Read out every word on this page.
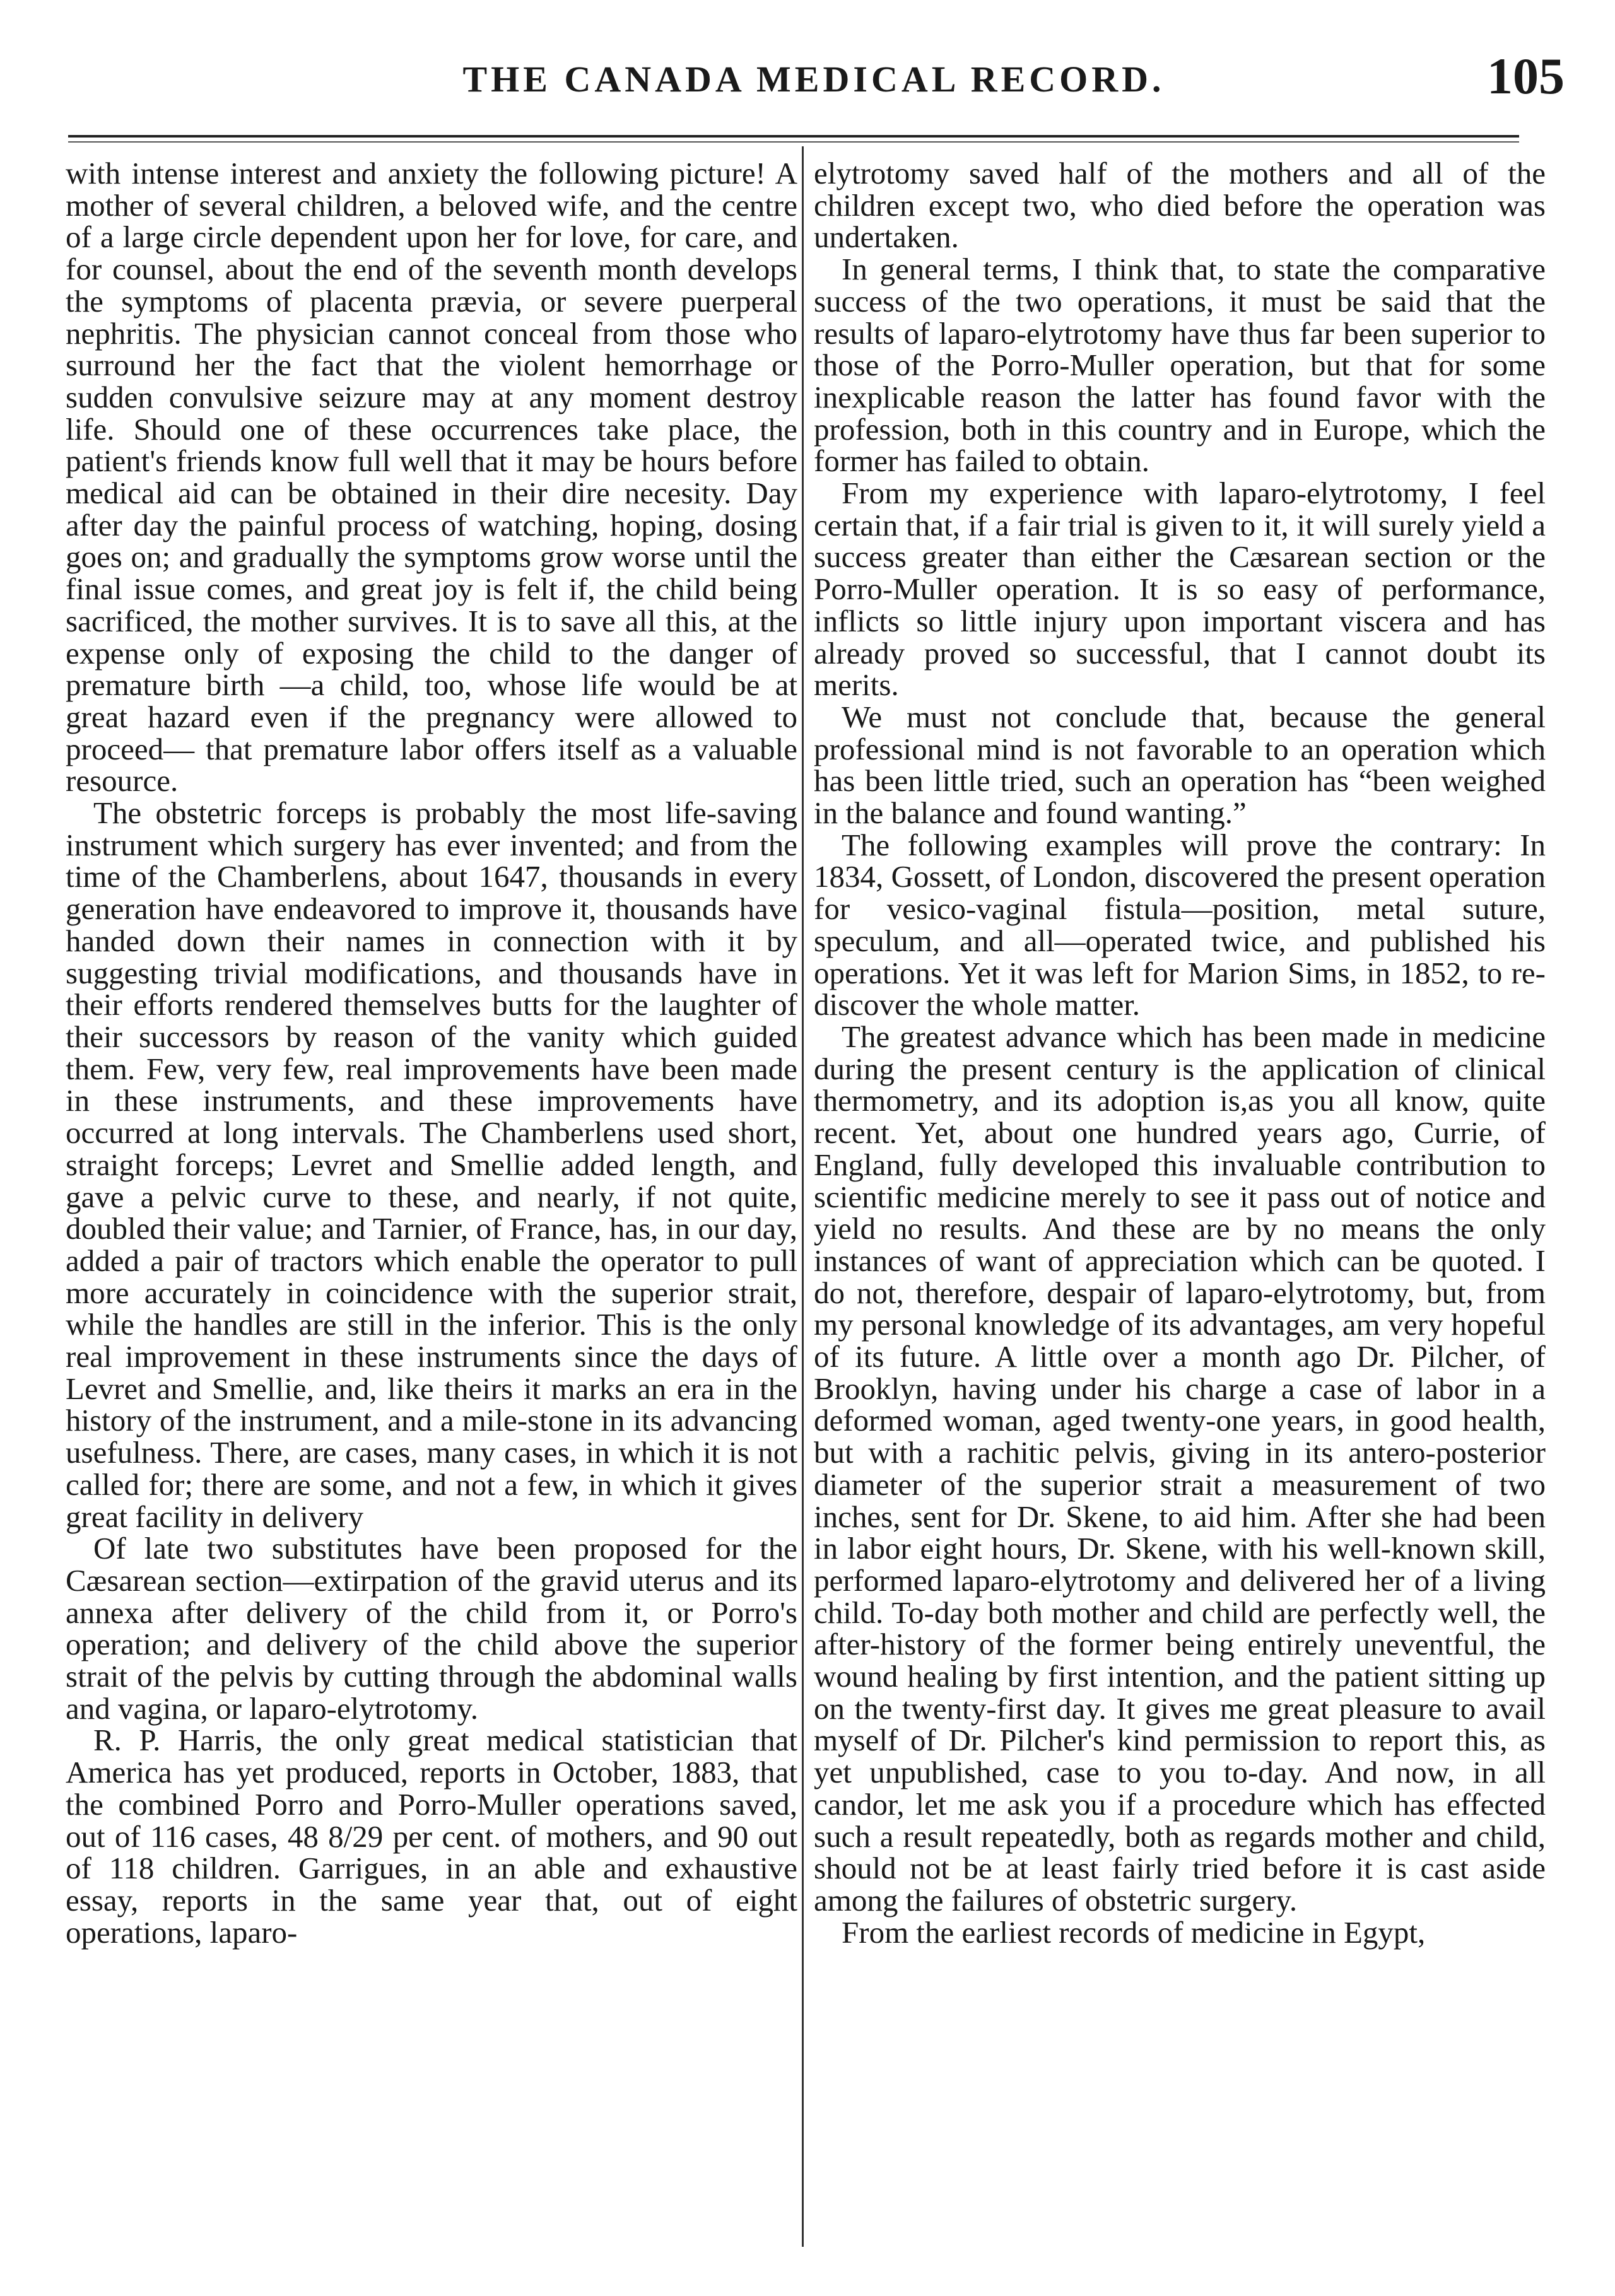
THE CANADA MEDICAL RECORD.	105

with intense interest and anxiety the following picture! A mother of several children, a beloved wife, and the centre of a large circle dependent upon her for love, for care, and for counsel, about the end of the seventh month develops the symptoms of placenta prævia, or severe puerperal nephritis. The physician cannot conceal from those who surround her the fact that the violent hemorrhage or sudden convulsive seizure may at any moment destroy life. Should one of these occurrences take place, the patient's friends know full well that it may be hours before medical aid can be obtained in their dire necesity. Day after day the painful process of watching, hoping, dosing goes on; and gradually the symptoms grow worse until the final issue comes, and great joy is felt if, the child being sacrificed, the mother survives. It is to save all this, at the expense only of exposing the child to the danger of premature birth —a child, too, whose life would be at great hazard even if the pregnancy were allowed to proceed— that premature labor offers itself as a valuable resource.

The obstetric forceps is probably the most life-saving instrument which surgery has ever invented; and from the time of the Chamberlens, about 1647, thousands in every generation have endeavored to improve it, thousands have handed down their names in connection with it by suggesting trivial modifications, and thousands have in their efforts rendered themselves butts for the laughter of their successors by reason of the vanity which guided them. Few, very few, real improvements have been made in these instruments, and these improvements have occurred at long intervals. The Chamberlens used short, straight forceps; Levret and Smellie added length, and gave a pelvic curve to these, and nearly, if not quite, doubled their value; and Tarnier, of France, has, in our day, added a pair of tractors which enable the operator to pull more accurately in coincidence with the superior strait, while the handles are still in the inferior. This is the only real improvement in these instruments since the days of Levret and Smellie, and, like theirs it marks an era in the history of the instrument, and a mile-stone in its advancing usefulness. There, are cases, many cases, in which it is not called for; there are some, and not a few, in which it gives great facility in delivery

Of late two substitutes have been proposed for the Cæsarean section—extirpation of the gravid uterus and its annexa after delivery of the child from it, or Porro's operation; and delivery of the child above the superior strait of the pelvis by cutting through the abdominal walls and vagina, or laparo-elytrotomy.

R. P. Harris, the only great medical statistician that America has yet produced, reports in October, 1883, that the combined Porro and Porro-Muller operations saved, out of 116 cases, 48 8/29 per cent. of mothers, and 90 out of 118 children. Garrigues, in an able and exhaustive essay, reports in the same year that, out of eight operations, laparo-

elytrotomy saved half of the mothers and all of the children except two, who died before the operation was undertaken.

In general terms, I think that, to state the comparative success of the two operations, it must be said that the results of laparo-elytrotomy have thus far been superior to those of the Porro-Muller operation, but that for some inexplicable reason the latter has found favor with the profession, both in this country and in Europe, which the former has failed to obtain.

From my experience with laparo-elytrotomy, I feel certain that, if a fair trial is given to it, it will surely yield a success greater than either the Cæsarean section or the Porro-Muller operation. It is so easy of performance, inflicts so little injury upon important viscera and has already proved so successful, that I cannot doubt its merits.

We must not conclude that, because the general professional mind is not favorable to an operation which has been little tried, such an operation has “been weighed in the balance and found wanting.”

The following examples will prove the contrary: In 1834, Gossett, of London, discovered the present operation for vesico-vaginal fistula—position, metal suture, speculum, and all—operated twice, and published his operations. Yet it was left for Marion Sims, in 1852, to re-discover the whole matter.

The greatest advance which has been made in medicine during the present century is the application of clinical thermometry, and its adoption is,as you all know, quite recent. Yet, about one hundred years ago, Currie, of England, fully developed this invaluable contribution to scientific medicine merely to see it pass out of notice and yield no results. And these are by no means the only instances of want of appreciation which can be quoted. I do not, therefore, despair of laparo-elytrotomy, but, from my personal knowledge of its advantages, am very hopeful of its future. A little over a month ago Dr. Pilcher, of Brooklyn, having under his charge a case of labor in a deformed woman, aged twenty-one years, in good health, but with a rachitic pelvis, giving in its antero-posterior diameter of the superior strait a measurement of two inches, sent for Dr. Skene, to aid him. After she had been in labor eight hours, Dr. Skene, with his well-known skill, performed laparo-elytrotomy and delivered her of a living child. To-day both mother and child are perfectly well, the after-history of the former being entirely uneventful, the wound healing by first intention, and the patient sitting up on the twenty-first day. It gives me great pleasure to avail myself of Dr. Pilcher's kind permission to report this, as yet unpublished, case to you to-day. And now, in all candor, let me ask you if a procedure which has effected such a result repeatedly, both as regards mother and child, should not be at least fairly tried before it is cast aside among the failures of obstetric surgery.

From the earliest records of medicine in Egypt,
